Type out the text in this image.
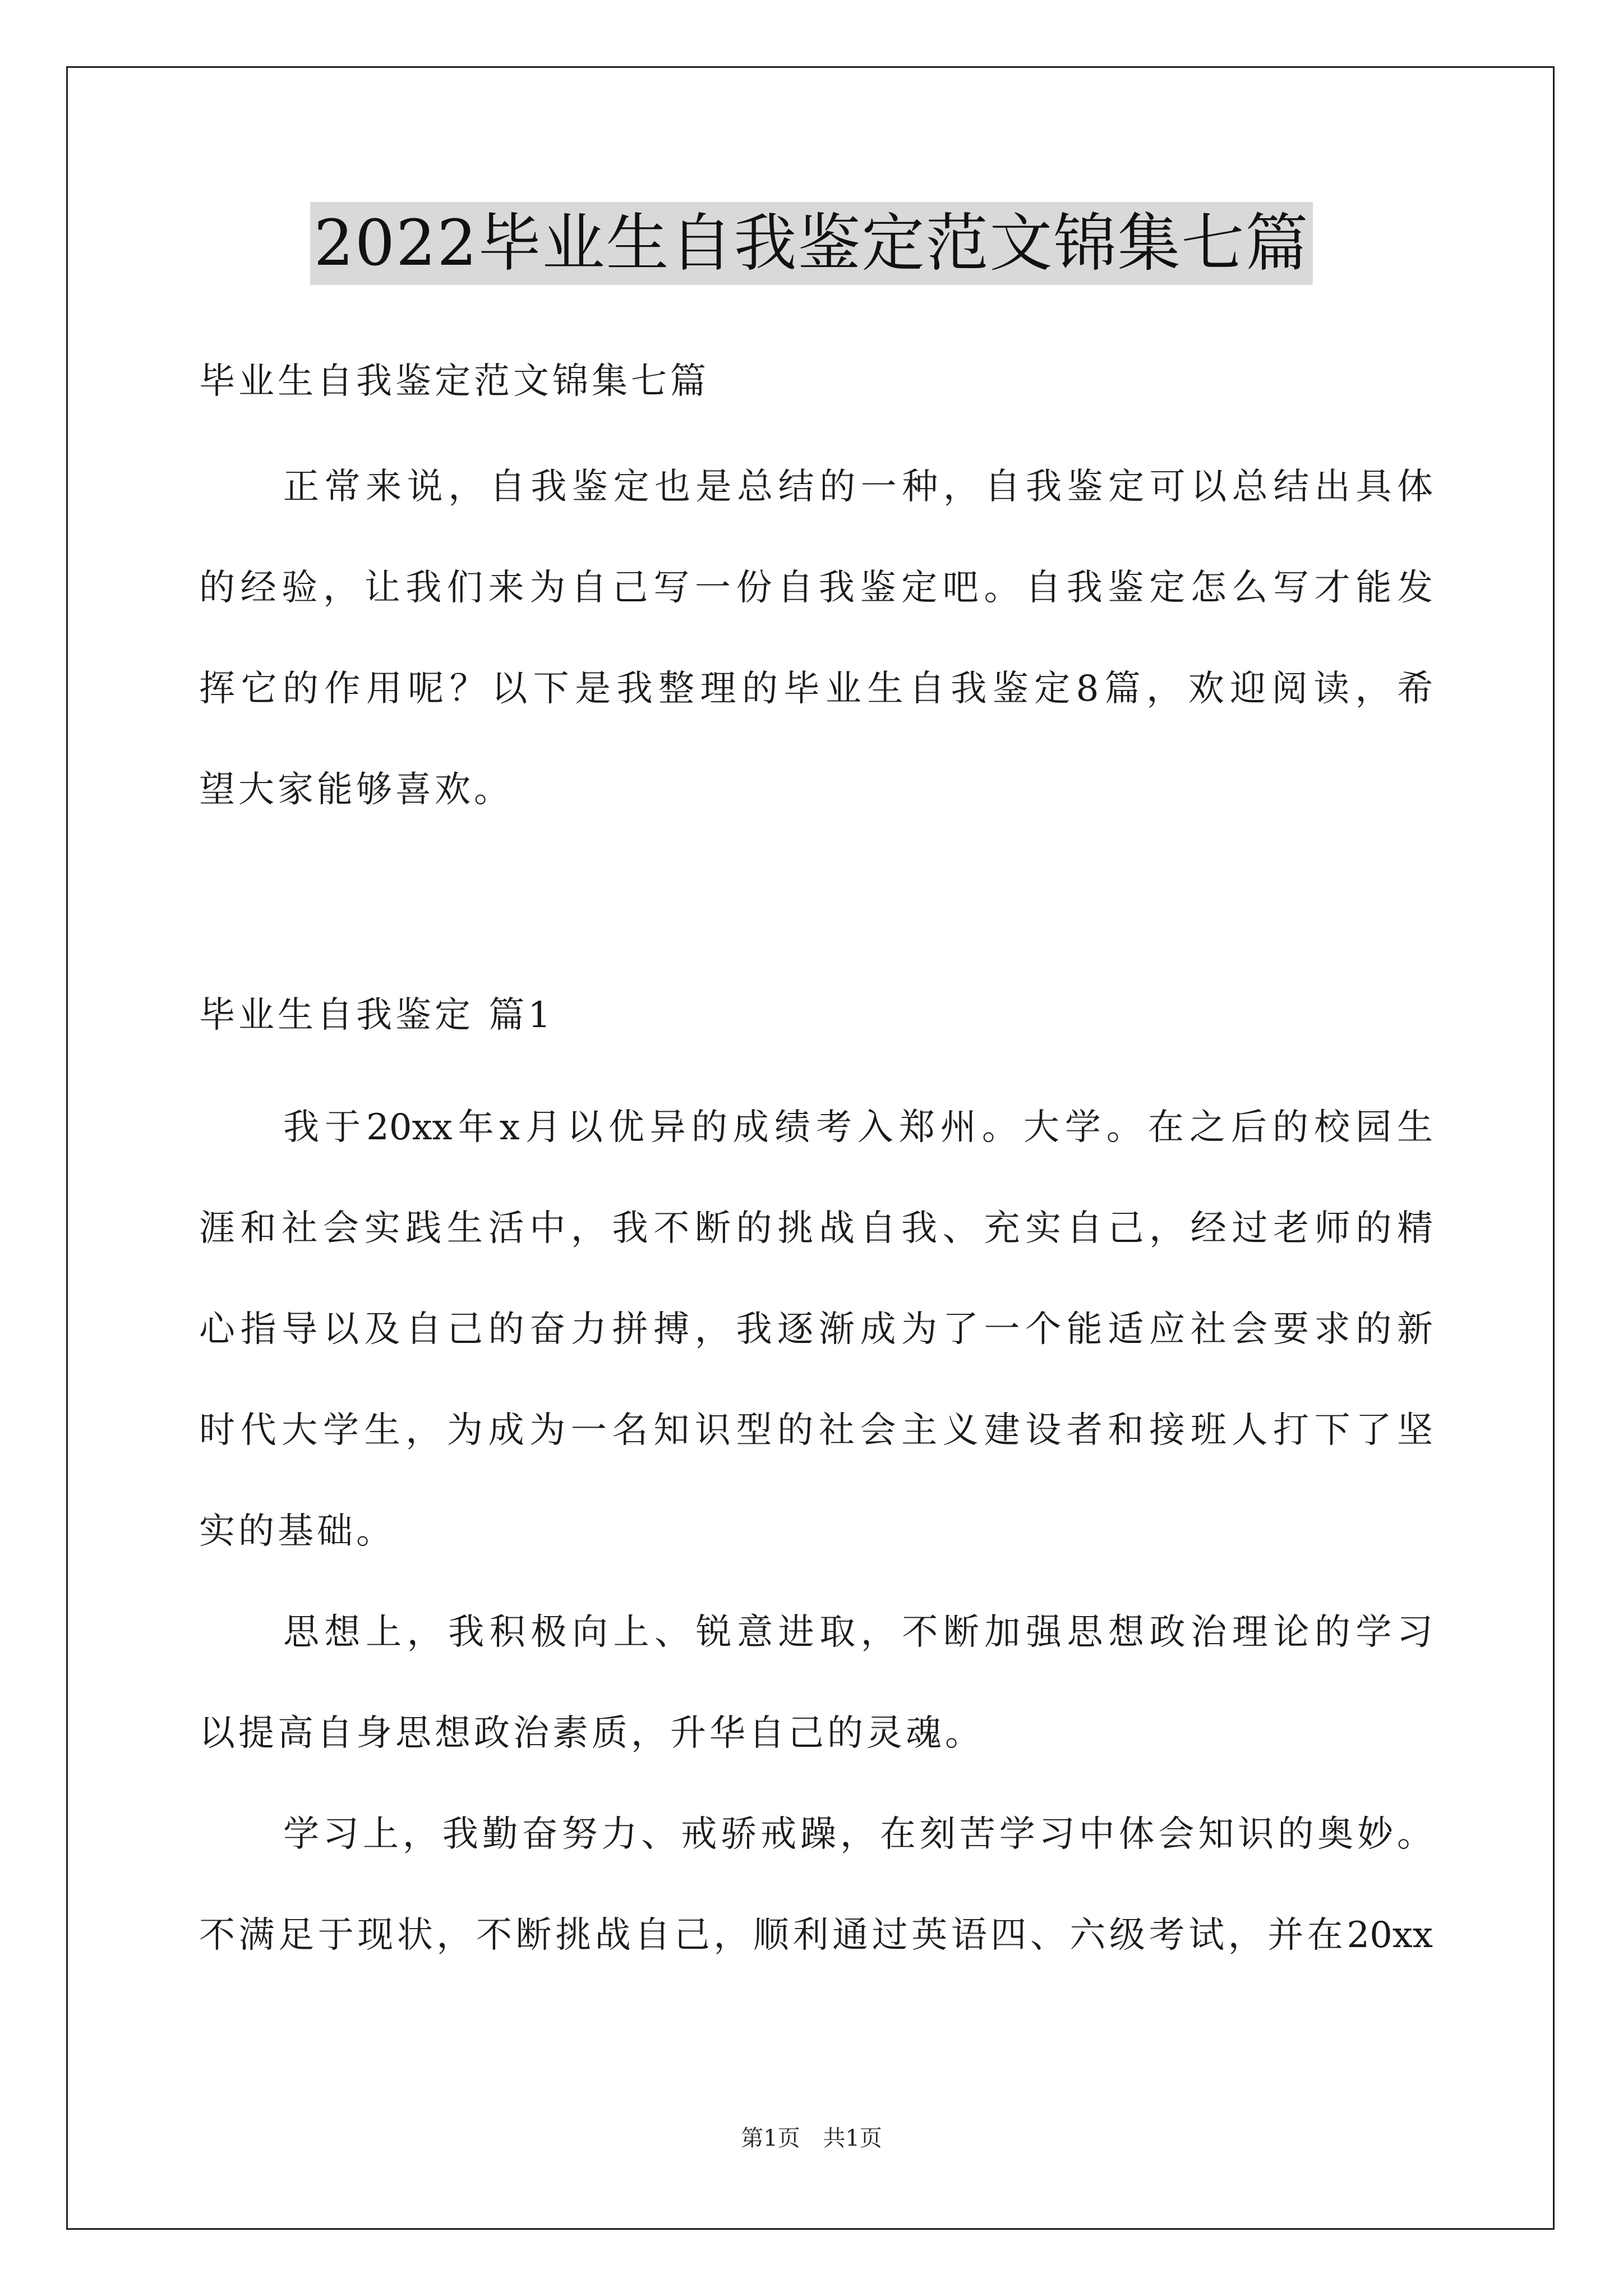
2022毕业生自我鉴定范文锦集七篇
毕业生自我鉴定范文锦集七篇
正常来说，自我鉴定也是总结的一种，自我鉴定可以总结出具体
的经验，让我们来为自己写一份自我鉴定吧。自我鉴定怎么写才能发
挥它的作用呢？以下是我整理的毕业生自我鉴定8篇，欢迎阅读，希
望大家能够喜欢。
毕业生自我鉴定 篇1
我于20xx年x月以优异的成绩考入郑州。大学。在之后的校园生
涯和社会实践生活中，我不断的挑战自我、充实自己，经过老师的精
心指导以及自己的奋力拼搏，我逐渐成为了一个能适应社会要求的新
时代大学生，为成为一名知识型的社会主义建设者和接班人打下了坚
实的基础。
思想上，我积极向上、锐意进取，不断加强思想政治理论的学习
以提高自身思想政治素质，升华自己的灵魂。
学习上，我勤奋努力、戒骄戒躁，在刻苦学习中体会知识的奥妙。
不满足于现状，不断挑战自己，顺利通过英语四、六级考试，并在20xx
第1页 共1页
